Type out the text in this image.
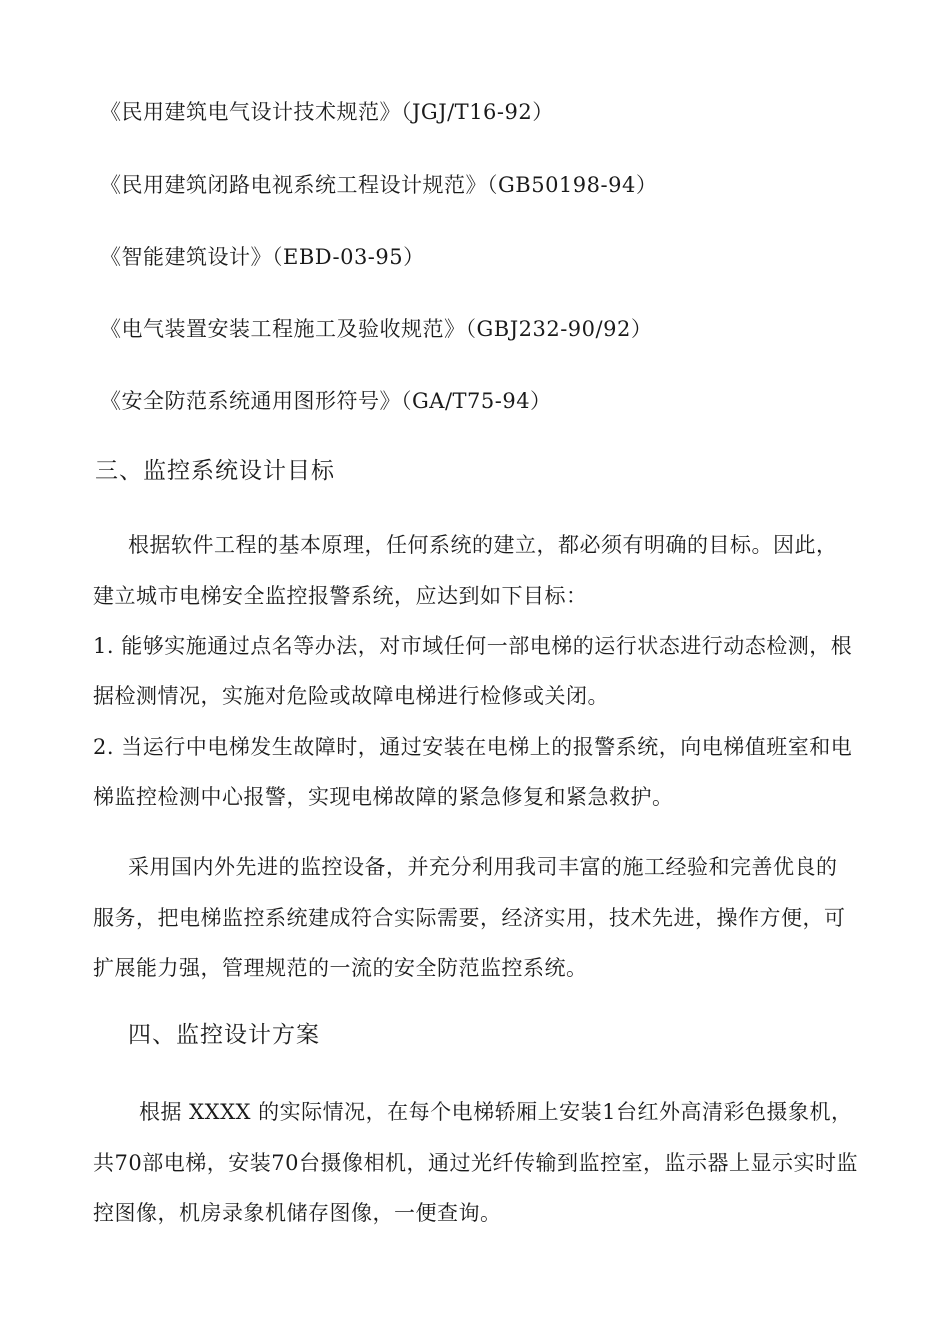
《民用建筑电气设计技术规范》（JGJ/T16-92）
《民用建筑闭路电视系统工程设计规范》（GB50198-94）
《智能建筑设计》（EBD-03-95）
《电气装置安装工程施工及验收规范》（GBJ232-90/92）
《安全防范系统通用图形符号》（GA/T75-94）
三、监控系统设计目标
根据软件工程的基本原理，任何系统的建立，都必须有明确的目标。因此，
建立城市电梯安全监控报警系统，应达到如下目标：
1. 能够实施通过点名等办法，对市域任何一部电梯的运行状态进行动态检测，根
据检测情况，实施对危险或故障电梯进行检修或关闭。
2. 当运行中电梯发生故障时，通过安装在电梯上的报警系统，向电梯值班室和电
梯监控检测中心报警，实现电梯故障的紧急修复和紧急救护。
采用国内外先进的监控设备，并充分利用我司丰富的施工经验和完善优良的
服务，把电梯监控系统建成符合实际需要，经济实用，技术先进，操作方便，可
扩展能力强，管理规范的一流的安全防范监控系统。
四、监控设计方案
根据 XXXX 的实际情况，在每个电梯轿厢上安装1台红外高清彩色摄象机，
共70部电梯，安装70台摄像相机，通过光纤传输到监控室，监示器上显示实时监
控图像，机房录象机储存图像，一便查询。
